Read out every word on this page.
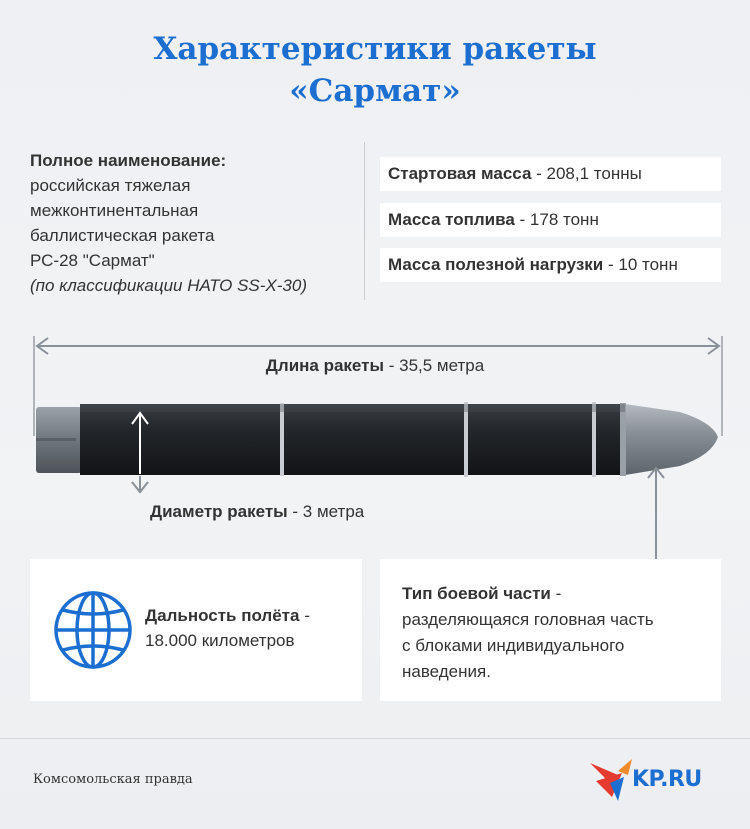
Характеристики ракеты
«Сармат»
Полное наименование:
российская тяжелая
межконтинентальная
баллистическая ракета
РС-28 "Сармат"
(по классификации НАТО SS-X-30)
Стартовая масса - 208,1 тонны
Масса топлива - 178 тонн
Масса полезной нагрузки - 10 тонн
Длина ракеты - 35,5 метра
Диаметр ракеты - 3 метра
Дальность полёта -
18.000 километров
Тип боевой части -
разделяющаяся головная часть
с блоками индивидуального
наведения.
Комсомольская правда	KP.RU
